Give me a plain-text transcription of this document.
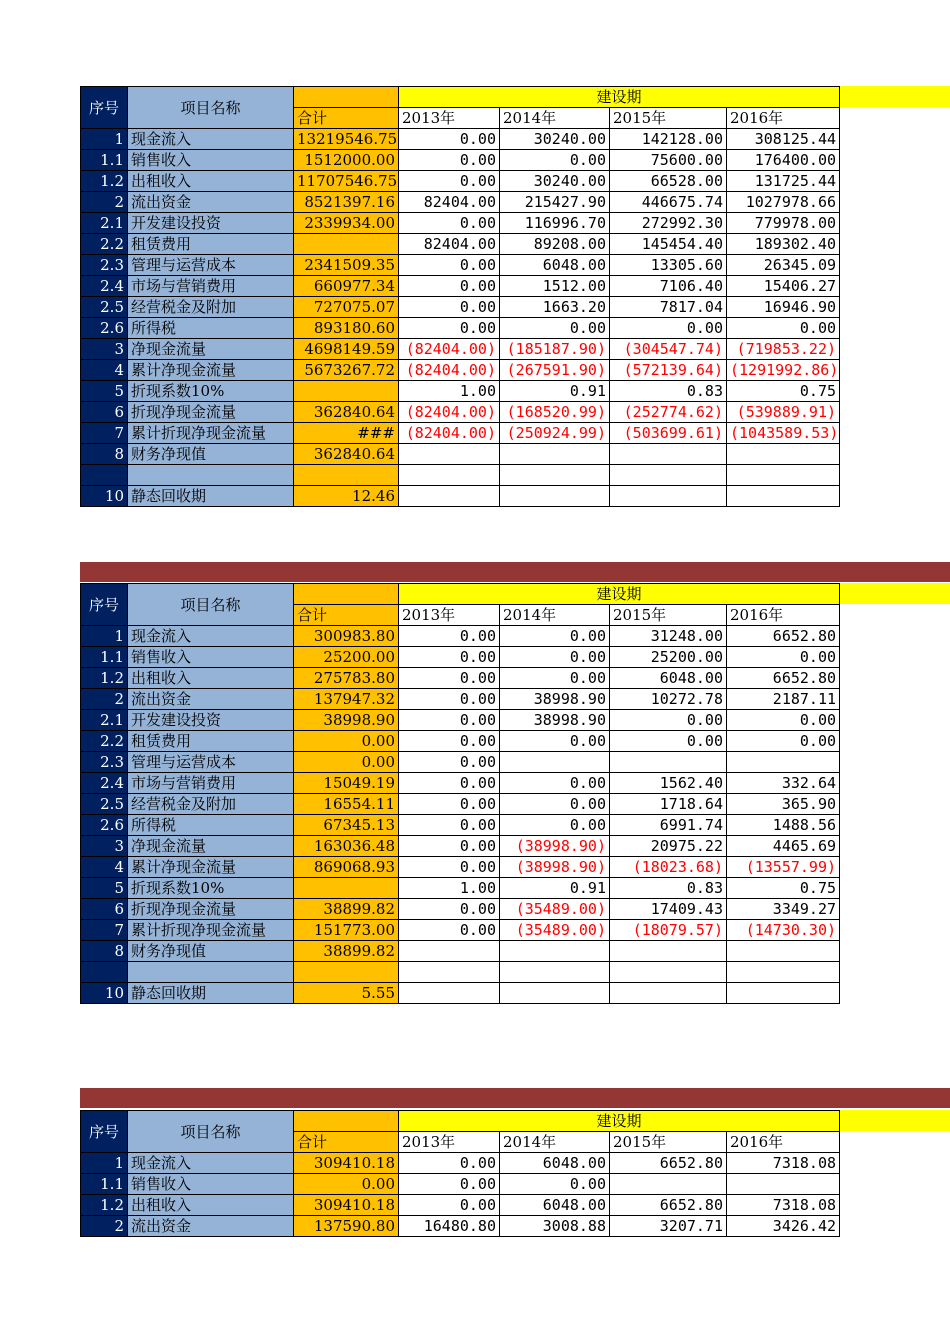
序号	项目名称		建设期			
		合计	2013年	2014年	2015年	2016年
1	现金流入	13219546.75	0.00	30240.00	142128.00	308125.44
1.1	销售收入	1512000.00	0.00	0.00	75600.00	176400.00
1.2	出租收入	11707546.75	0.00	30240.00	66528.00	131725.44
2	流出资金	8521397.16	82404.00	215427.90	446675.74	1027978.66
2.1	开发建设投资	2339934.00	0.00	116996.70	272992.30	779978.00
2.2	租赁费用		82404.00	89208.00	145454.40	189302.40
2.3	管理与运营成本	2341509.35	0.00	6048.00	13305.60	26345.09
2.4	市场与营销费用	660977.34	0.00	1512.00	7106.40	15406.27
2.5	经营税金及附加	727075.07	0.00	1663.20	7817.04	16946.90
2.6	所得税	893180.60	0.00	0.00	0.00	0.00
3	净现金流量	4698149.59	(82404.00)	(185187.90)	(304547.74)	(719853.22)
4	累计净现金流量	5673267.72	(82404.00)	(267591.90)	(572139.64)	(1291992.86)
5	折现系数10%		1.00	0.91	0.83	0.75
6	折现净现金流量	362840.64	(82404.00)	(168520.99)	(252774.62)	(539889.91)
7	累计折现净现金流量	###	(82404.00)	(250924.99)	(503699.61)	(1043589.53)
8	财务净现值	362840.64				

10	静态回收期	12.46				
序号	项目名称		建设期			
		合计	2013年	2014年	2015年	2016年
1	现金流入	300983.80	0.00	0.00	31248.00	6652.80
1.1	销售收入	25200.00	0.00	0.00	25200.00	0.00
1.2	出租收入	275783.80	0.00	0.00	6048.00	6652.80
2	流出资金	137947.32	0.00	38998.90	10272.78	2187.11
2.1	开发建设投资	38998.90	0.00	38998.90	0.00	0.00
2.2	租赁费用	0.00	0.00	0.00	0.00	0.00
2.3	管理与运营成本	0.00	0.00			
2.4	市场与营销费用	15049.19	0.00	0.00	1562.40	332.64
2.5	经营税金及附加	16554.11	0.00	0.00	1718.64	365.90
2.6	所得税	67345.13	0.00	0.00	6991.74	1488.56
3	净现金流量	163036.48	0.00	(38998.90)	20975.22	4465.69
4	累计净现金流量	869068.93	0.00	(38998.90)	(18023.68)	(13557.99)
5	折现系数10%		1.00	0.91	0.83	0.75
6	折现净现金流量	38899.82	0.00	(35489.00)	17409.43	3349.27
7	累计折现净现金流量	151773.00	0.00	(35489.00)	(18079.57)	(14730.30)
8	财务净现值	38899.82				

10	静态回收期	5.55				
序号	项目名称		建设期			
		合计	2013年	2014年	2015年	2016年
1	现金流入	309410.18	0.00	6048.00	6652.80	7318.08
1.1	销售收入	0.00	0.00	0.00		
1.2	出租收入	309410.18	0.00	6048.00	6652.80	7318.08
2	流出资金	137590.80	16480.80	3008.88	3207.71	3426.42
